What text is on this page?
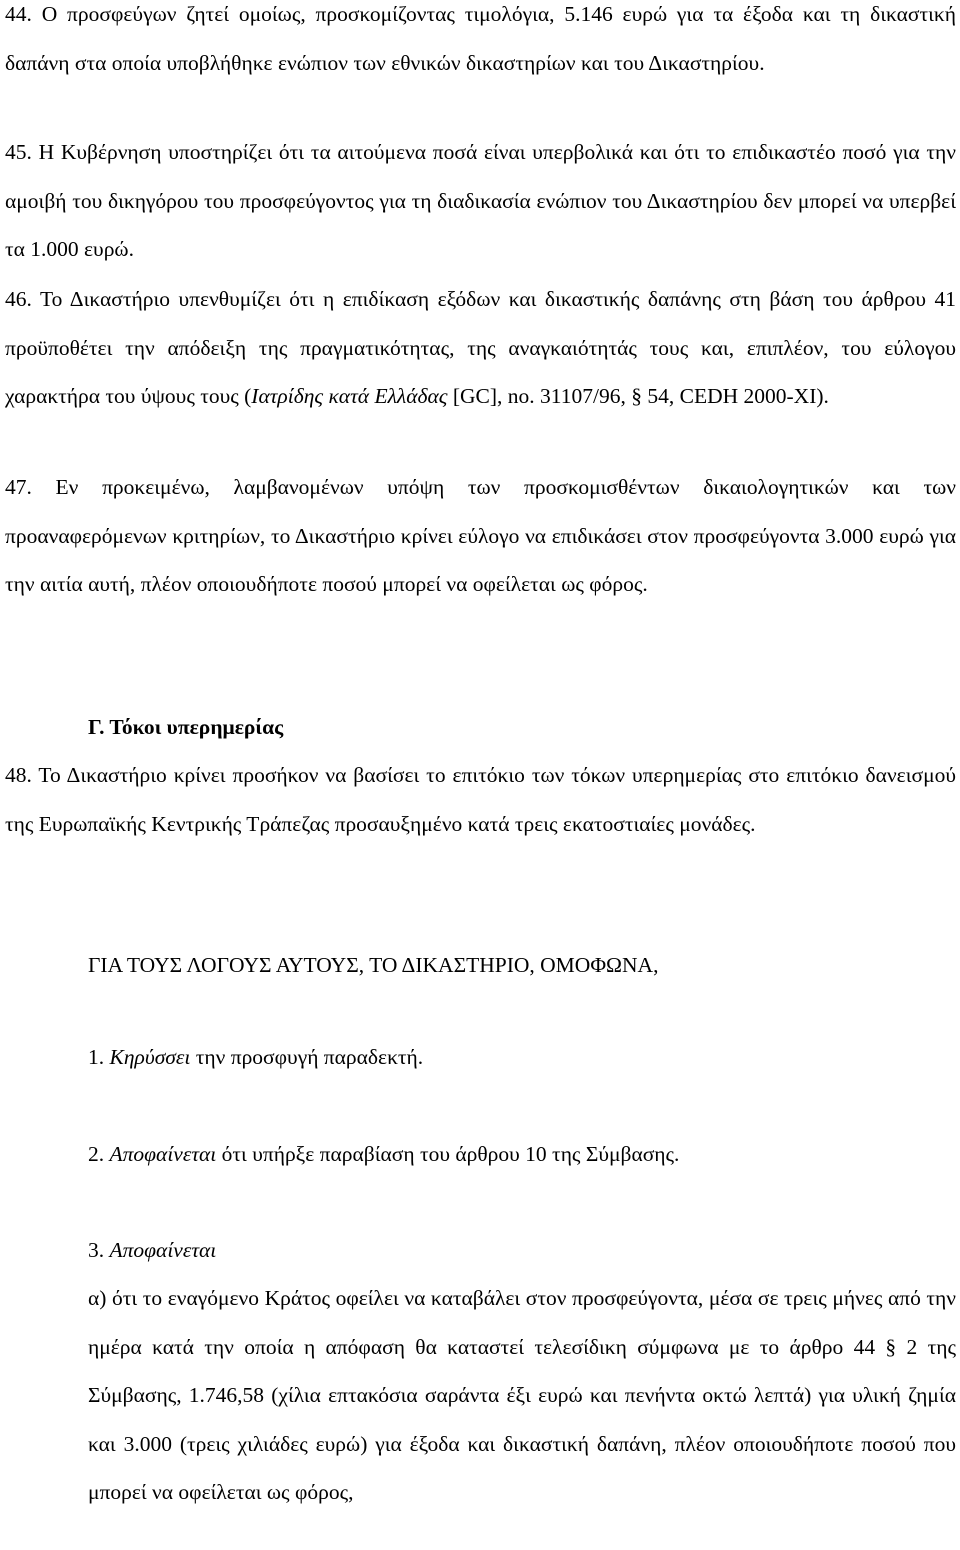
44. Ο προσφεύγων ζητεί ομοίως, προσκομίζοντας τιμολόγια, 5.146 ευρώ για τα έξοδα και τη δικαστική δαπάνη στα οποία υποβλήθηκε ενώπιον των εθνικών δικαστηρίων και του Δικαστηρίου.

45. Η Κυβέρνηση υποστηρίζει ότι τα αιτούμενα ποσά είναι υπερβολικά και ότι το επιδικαστέο ποσό για την αμοιβή του δικηγόρου του προσφεύγοντος για τη διαδικασία ενώπιον του Δικαστηρίου δεν μπορεί να υπερβεί τα 1.000 ευρώ.

46. Το Δικαστήριο υπενθυμίζει ότι η επιδίκαση εξόδων και δικαστικής δαπάνης στη βάση του άρθρου 41 προϋποθέτει την απόδειξη της πραγματικότητας, της αναγκαιότητάς τους και, επιπλέον, του εύλογου χαρακτήρα του ύψους τους (Ιατρίδης κατά Ελλάδας [GC], no. 31107/96, § 54, CEDH 2000-XI).

47. Εν προκειμένω, λαμβανομένων υπόψη των προσκομισθέντων δικαιολογητικών και των προαναφερόμενων κριτηρίων, το Δικαστήριο κρίνει εύλογο να επιδικάσει στον προσφεύγοντα 3.000 ευρώ για την αιτία αυτή, πλέον οποιουδήποτε ποσού μπορεί να οφείλεται ως φόρος.

Γ. Τόκοι υπερημερίας

48. Το Δικαστήριο κρίνει προσήκον να βασίσει το επιτόκιο των τόκων υπερημερίας στο επιτόκιο δανεισμού της Ευρωπαϊκής Κεντρικής Τράπεζας προσαυξημένο κατά τρεις εκατοστιαίες μονάδες.

ΓΙΑ ΤΟΥΣ ΛΟΓΟΥΣ ΑΥΤΟΥΣ, ΤΟ ΔΙΚΑΣΤΗΡΙΟ, ΟΜΟΦΩΝΑ,

1. Κηρύσσει την προσφυγή παραδεκτή.

2. Αποφαίνεται ότι υπήρξε παραβίαση του άρθρου 10 της Σύμβασης.

3. Αποφαίνεται

α) ότι το εναγόμενο Κράτος οφείλει να καταβάλει στον προσφεύγοντα, μέσα σε τρεις μήνες από την ημέρα κατά την οποία η απόφαση θα καταστεί τελεσίδικη σύμφωνα με το άρθρο 44 § 2 της Σύμβασης, 1.746,58 (χίλια επτακόσια σαράντα έξι ευρώ και πενήντα οκτώ λεπτά) για υλική ζημία και 3.000 (τρεις χιλιάδες ευρώ) για έξοδα και δικαστική δαπάνη, πλέον οποιουδήποτε ποσού που μπορεί να οφείλεται ως φόρος,
